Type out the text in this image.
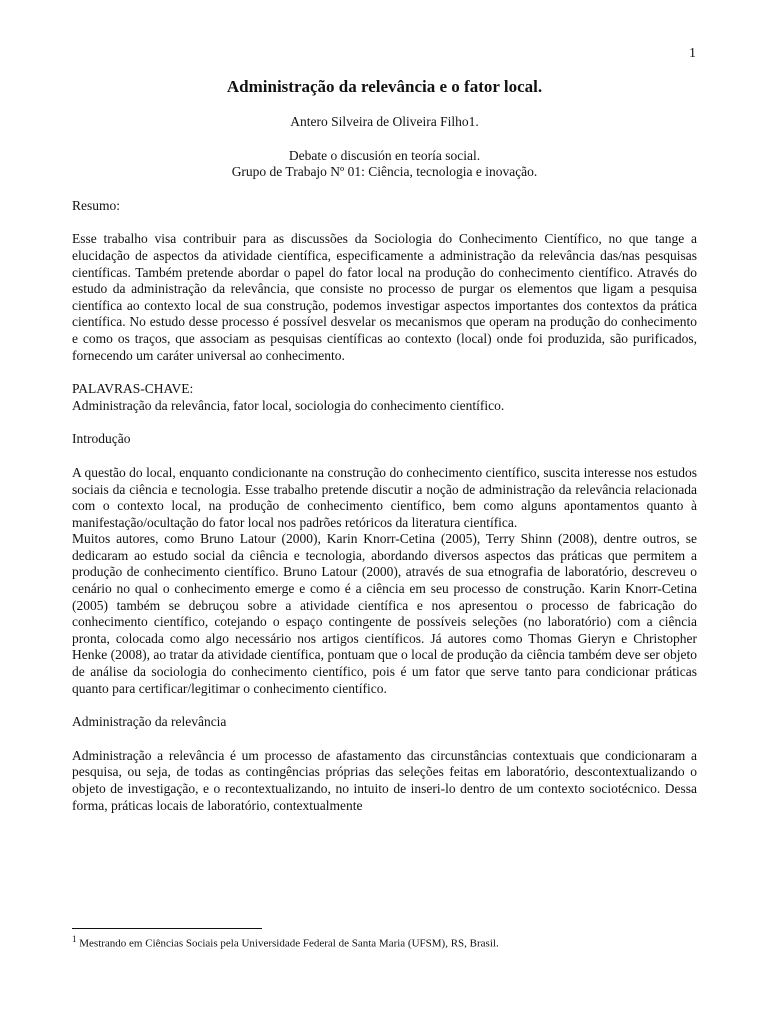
1
Administração da relevância e o fator local.
Antero Silveira de Oliveira Filho1.
Debate o discusión en teoría social.
Grupo de Trabajo Nº 01: Ciência, tecnologia e inovação.
Resumo:

Esse trabalho visa contribuir para as discussões da Sociologia do Conhecimento Científico, no que tange a elucidação de aspectos da atividade científica, especificamente a administração da relevância das/nas pesquisas científicas. Também pretende abordar o papel do fator local na produção do conhecimento científico. Através do estudo da administração da relevância, que consiste no processo de purgar os elementos que ligam a pesquisa científica ao contexto local de sua construção, podemos investigar aspectos importantes dos contextos da prática científica. No estudo desse processo é possível desvelar os mecanismos que operam na produção do conhecimento e como os traços, que associam as pesquisas científicas ao contexto (local) onde foi produzida, são purificados, fornecendo um caráter universal ao conhecimento.

PALAVRAS-CHAVE:

Administração da relevância, fator local, sociologia do conhecimento científico.

Introdução

A questão do local, enquanto condicionante na construção do conhecimento científico, suscita interesse nos estudos sociais da ciência e tecnologia. Esse trabalho pretende discutir a noção de administração da relevância relacionada com o contexto local, na produção de conhecimento científico, bem como alguns apontamentos quanto à manifestação/ocultação do fator local nos padrões retóricos da literatura científica.

Muitos autores, como Bruno Latour (2000), Karin Knorr-Cetina (2005), Terry Shinn (2008), dentre outros, se dedicaram ao estudo social da ciência e tecnologia, abordando diversos aspectos das práticas que permitem a produção de conhecimento científico. Bruno Latour (2000), através de sua etnografia de laboratório, descreveu o cenário no qual o conhecimento emerge e como é a ciência em seu processo de construção. Karin Knorr-Cetina (2005) também se debruçou sobre a atividade científica e nos apresentou o processo de fabricação do conhecimento científico, cotejando o espaço contingente de possíveis seleções (no laboratório) com a ciência pronta, colocada como algo necessário nos artigos científicos. Já autores como Thomas Gieryn e Christopher Henke (2008), ao tratar da atividade científica, pontuam que o local de produção da ciência também deve ser objeto de análise da sociologia do conhecimento científico, pois é um fator que serve tanto para condicionar práticas quanto para certificar/legitimar o conhecimento científico.

Administração da relevância

Administração a relevância é um processo de afastamento das circunstâncias contextuais que condicionaram a pesquisa, ou seja, de todas as contingências próprias das seleções feitas em laboratório, descontextualizando o objeto de investigação, e o recontextualizando, no intuito de inseri-lo dentro de um contexto sociotécnico. Dessa forma, práticas locais de laboratório, contextualmente

$^1$ Mestrando em Ciências Sociais pela Universidade Federal de Santa Maria (UFSM), RS, Brasil.
